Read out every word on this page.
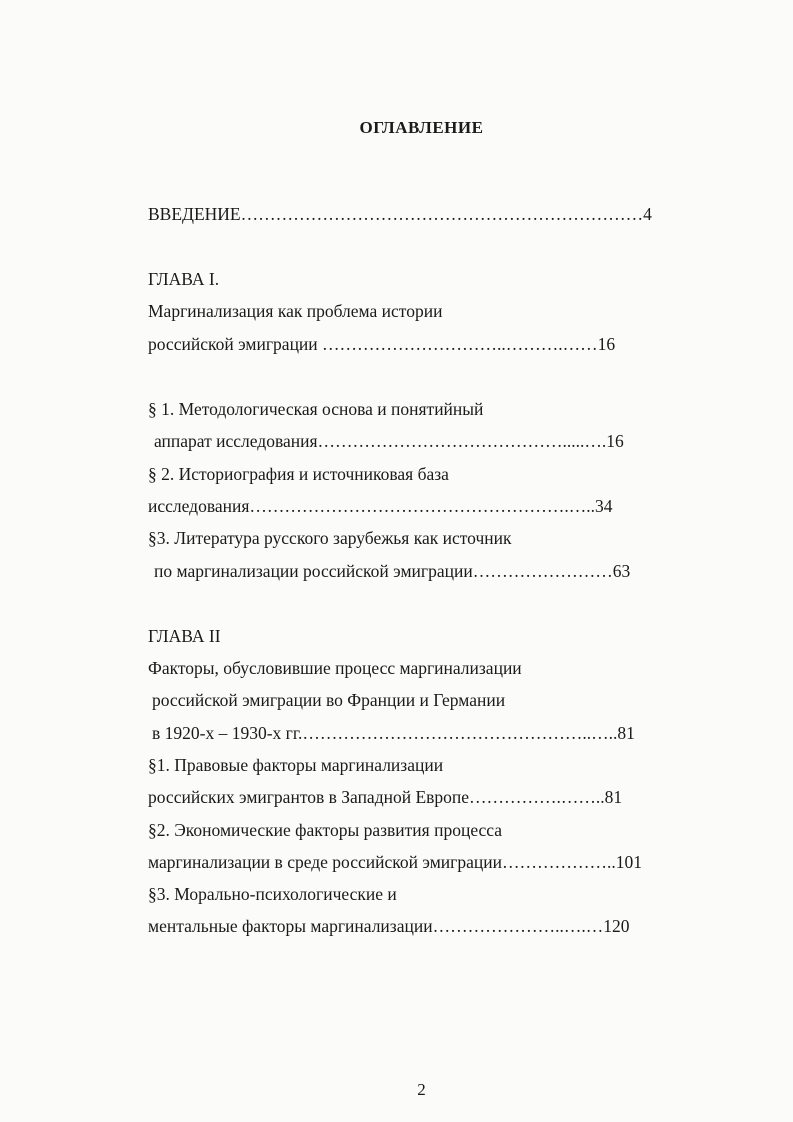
ОГЛАВЛЕНИЕ
ВВЕДЕНИЕ……………………………………………………………4
ГЛАВА I.
Маргинализация как проблема истории
российской эмиграции …………………………..……….……16
§ 1. Методологическая основа и понятийный
аппарат исследования…………………………………….....….16
§ 2. Историография и источниковая база
исследования……………………………………………….…..34
§3. Литература русского зарубежья как источник
по маргинализации российской эмиграции……………………63
ГЛАВА II
Факторы, обусловившие процесс маргинализации
российской эмиграции во Франции и Германии
в 1920-х – 1930-х гг.…………………………………………..…..81
§1. Правовые факторы маргинализации
российских эмигрантов в Западной Европе…………….……..81
§2. Экономические факторы развития процесса
маргинализации в среде российской эмиграции………………..101
§3. Морально-психологические и
ментальные факторы маргинализации…………………..….…120
2
